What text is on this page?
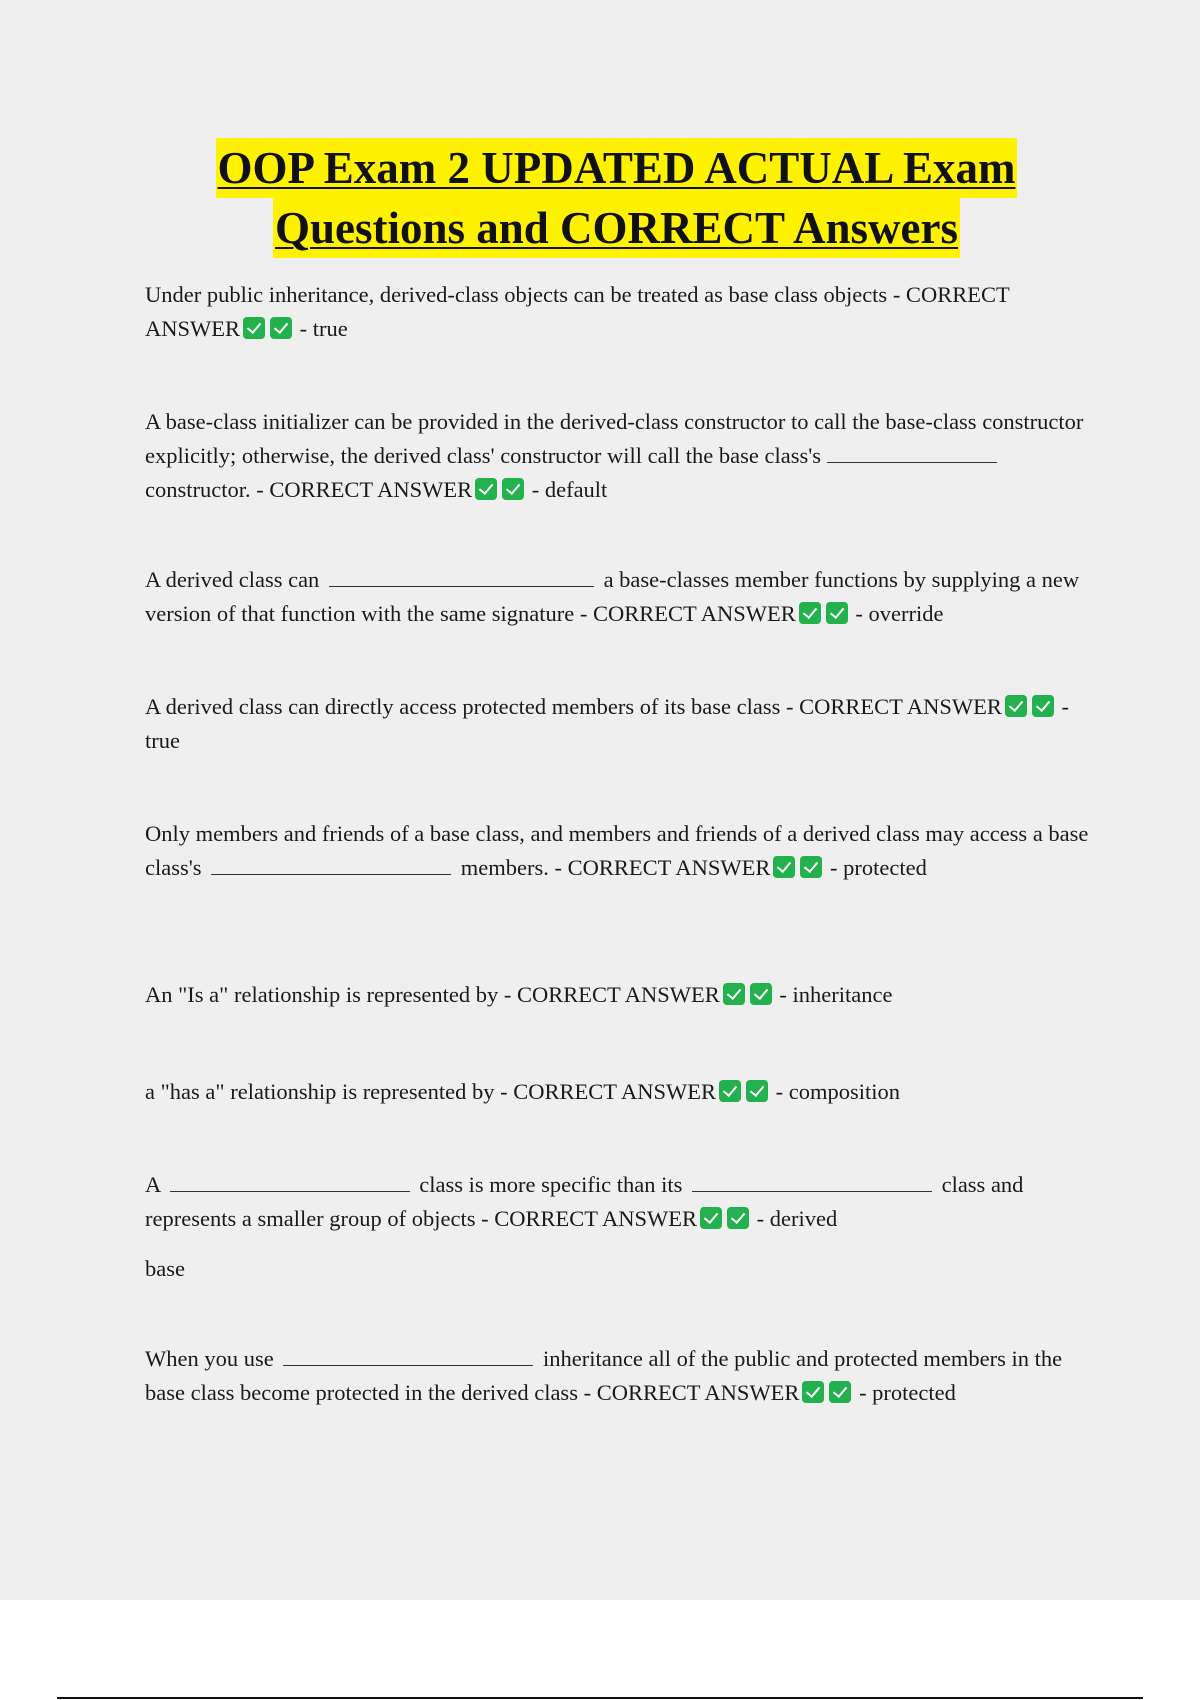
OOP Exam 2 UPDATED ACTUAL Exam
Questions and CORRECT Answers

Under public inheritance, derived-class objects can be treated as base class objects - CORRECT ANSWER	- true

A base-class initializer can be provided in the derived-class constructor to call the base-class constructor explicitly; otherwise, the derived class' constructor will call the base class's  constructor. - CORRECT ANSWER	- default

A derived class can	a base-classes member functions by supplying a new version of that function with the same signature - CORRECT ANSWER	- override

A derived class can directly access protected members of its base class - CORRECT ANSWER	- true

Only members and friends of a base class, and members and friends of a derived class may access a base class's	members. - CORRECT ANSWER	- protected

An "Is a" relationship is represented by - CORRECT ANSWER	- inheritance

a "has a" relationship is represented by - CORRECT ANSWER	- composition

A	class is more specific than its	class and represents a smaller group of objects - CORRECT ANSWER	- derived

base

When you use	inheritance all of the public and protected members in the base class become protected in the derived class - CORRECT ANSWER	- protected
